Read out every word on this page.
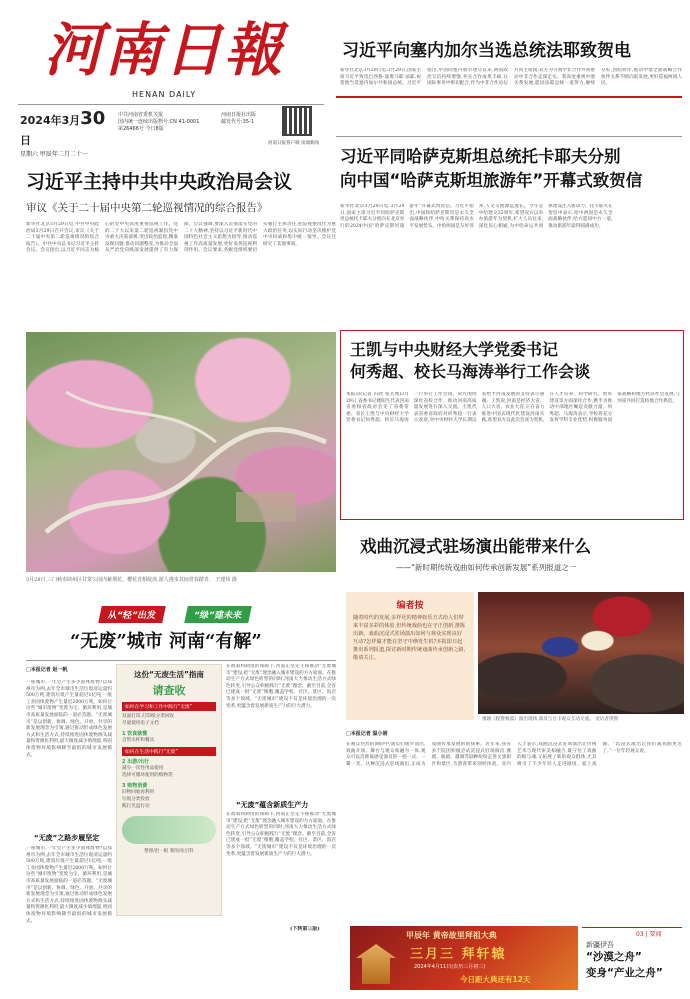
河南日報
HENAN DAILY
2024年3月30日
星期六 甲辰年二月二十一
中共河南省委机关报
国内统一连续出版物号:CN 41-0001
第26466号 今日8版
河南日报社出版
邮发代号:35-1
河南日报客户端 顶端新闻
习近平向塞内加尔当选总统法耶致贺电
新华社北京3月29日电 3月29日,国家主席习近平致电巴西鲁·迪奥马耶·法耶,祝贺他当选塞内加尔共和国总统。习近平指出,中国同塞内加尔建交以来,两国政治互信持续增强,务实合作成果丰硕,在国际事务中密切配合,作为中非合作论坛共同主席国,双方为引领中非合作共同推动中非合作走深走实。我高度重视中塞关系发展,愿同法耶总统一道努力,赓续友好,团结协作,推动中塞全面战略合作伙伴关系不断向前发展,更好造福两国人民。
习近平同哈萨克斯坦总统托卡耶夫分别
向中国“哈萨克斯坦旅游年”开幕式致贺信
新华社北京3月29日电 3月29日,国家主席习近平同哈萨克斯坦总统托卡耶夫分别向在北京举行的2024中国“哈萨克斯坦旅游年”开幕式致贺信。习近平指出,中国和哈萨克斯坦是永久全面战略伙伴,中哈关系保持高水平发展势头。中哈两国是友好邻邦,人文交流源远流长。今年是中哈建交32周年,希望双方以举办旅游年为契机,扩大人员往来,深化民心相通,为中哈命运共同体建设注入新动力。托卡耶夫在贺信中表示,哈中两国是永久全面战略伙伴,哈方愿同中方一道,推动旅游年取得圆满成功。
习近平主持中共中央政治局会议
审议《关于二十届中央第二轮巡视情况的综合报告》
新华社北京3月29日电 中共中央政治局3月29日召开会议,审议《关于二十届中央第二轮巡视情况的综合报告》。中共中央总书记习近平主持会议。会议指出,以习近平同志为核心的党中央高度重视巡视工作。党的二十大以来第二轮巡视紧扣党中央重大决策部署,突出政治监督,精准发现问题,推动问题整改,为推动全面从严治党向纵深发展提供了有力保障。会议强调,要深入贯彻落实党的二十大精神,坚持以习近平新时代中国特色社会主义思想为指导,推动巡视工作高质量发展,更好发挥巡视利剑作用。会议要求,各级党组织要切实履行主体责任,把巡视整改作为重大政治任务,以实际行动坚决维护党中央权威和集中统一领导。会议还研究了其他事项。
3月28日,三门峡市陕州区甘棠公园内紫荆花、樱花竞相绽放,游人漫步其间赏春踏青。 王建伟 摄
王凯与中央财经大学党委书记
何秀超、校长马海涛举行工作会谈
本报讯(记者 归欣 张笑闻)3月29日,省委书记楼阳生代表河南省委和省政府会见了省委常委、省长王凯与中央财经大学党委书记何秀超、校长马海涛一行举行工作会谈。双方围绕深化省校合作、推动河南高质量发展进行深入交流。王凯代表省委省政府对何秀超一行表示欢迎,对中央财经大学长期以来给予河南发展的支持表示感谢。王凯说,河南是经济大省、人口大省、农业大省,正在奋力推进中国式现代化建设河南实践,希望双方以此次会谈为契机,在人才培养、科学研究、智库建设等方面深化合作,携手为推动中部地区崛起贡献力量。何秀超、马海涛表示,学校将充分发挥学科专业优势,积极服务国家战略和地方经济社会发展,与河南共同打造校地合作典范。
戏曲沉浸式驻场演出能带来什么
——“新时期传统戏曲如何传承创新发展”系列报道之一
编者按
随着时代的发展,多样化的精神娱乐方式给人们带来丰富多彩的体验,但传统戏曲也在守正创新,推陈出新。戏曲沉浸式驻场演出如何与观众实现良好互动?怎样做才能在坚守中焕发生机?本报即日起推出系列报道,探讨新时期传统戏曲传承创新之路,敬请关注。
豫剧《程婴救孤》演出现场,演员与台下观众互动交流。 受访者供图
□本报记者 温小娟
在观众热烈的期盼中,演员们缓步而出,戏曲开场。舞台与观众席融为一体,观众可以近距离感受演员的一招一式、一颦一笑。这种沉浸式驻场演出,正成为戏曲传承发展的新探索。近年来,我省多个院团积极尝试沉浸式驻场演出,豫剧、曲剧、越调等剧种纷纷走进文旅街区和景区,为游客带来别样体验。业内人士表示,戏曲沉浸式驻场演出让传统艺术与现代审美相融合,既守住了戏曲的根与魂,又拓展了新的观众群体,尤其吸引了不少年轻人走进剧场、爱上戏曲。“沉浸式演出让我们离戏曲更近了。”一位年轻观众说。
从“轻”出发	“绿”建未来
“无废”城市 河南“有解”
□本报记者 赵一帆
一座城市,一年会产生多少固体废物?以郑州市为例,去年全市城市生活垃圾清运量约500万吨,建筑垃圾产生量超过1亿吨,一般工业固体废物产生量近2000万吨。如何让这些“城市废物”变废为宝、循环利用,是城市高质量发展面临的一道必答题。“无废城市”是以创新、协调、绿色、开放、共享的新发展理念为引领,通过推动形成绿色发展方式和生活方式,持续推进固体废物源头减量和资源化利用,最大限度减少填埋量,将固体废物环境影响降至最低的城市发展模式。
“无废”之路步履坚定
一座城市,一年会产生多少固体废物?以郑州市为例,去年全市城市生活垃圾清运量约500万吨,建筑垃圾产生量超过1亿吨,一般工业固体废物产生量近2000万吨。如何让这些“城市废物”变废为宝、循环利用,是城市高质量发展面临的一道必答题。“无废城市”是以创新、协调、绿色、开放、共享的新发展理念为引领,通过推动形成绿色发展方式和生活方式,持续推进固体废物源头减量和资源化利用,最大限度减少填埋量,将固体废物环境影响降至最低的城市发展模式。
这份“无废生活”指南
请查收
如何在学习和工作中践行“无废”
双面打印,打印纸分类回收
尽量使用电子文档
1 饮食就餐
自带水杯和餐具
如何在生活中践行“无废”
2 出游/出行
减少一次性用品使用
选择可循环使用的购物袋
3 购物消费
旧物回收再利用
垃圾分类投放
践行光盘行动
整理/赵一帆 制图/张启科
在政策和制度的保障下,河南正坚定不移推动“无废城市”建设,把“无废”理念融入城市建设的方方面面。在推动生产方式绿色转型的同时,河南大力推动生活方式绿色转变,引导公众积极践行“无废”理念。截至目前,全省已建成一批“无废”细胞,覆盖学校、社区、景区、饭店等多个领域。“无废城市”建设不仅是环境治理的一次变革,更蕴含着发展新质生产力的巨大潜力。
“无废”蕴含新质生产力
在政策和制度的保障下,河南正坚定不移推动“无废城市”建设,把“无废”理念融入城市建设的方方面面。在推动生产方式绿色转型的同时,河南大力推动生活方式绿色转变,引导公众积极践行“无废”理念。截至目前,全省已建成一批“无废”细胞,覆盖学校、社区、景区、饭店等多个领域。“无废城市”建设不仅是环境治理的一次变革,更蕴含着发展新质生产力的巨大潜力。
(下转第三版)
甲辰年 黄帝故里拜祖大典
三月三 拜轩辕
2024年4月11日(农历三月初三)
今日距大典还有12天
03 | 要闻
新疆伊吾
“沙漠之舟”
变身“产业之舟”
